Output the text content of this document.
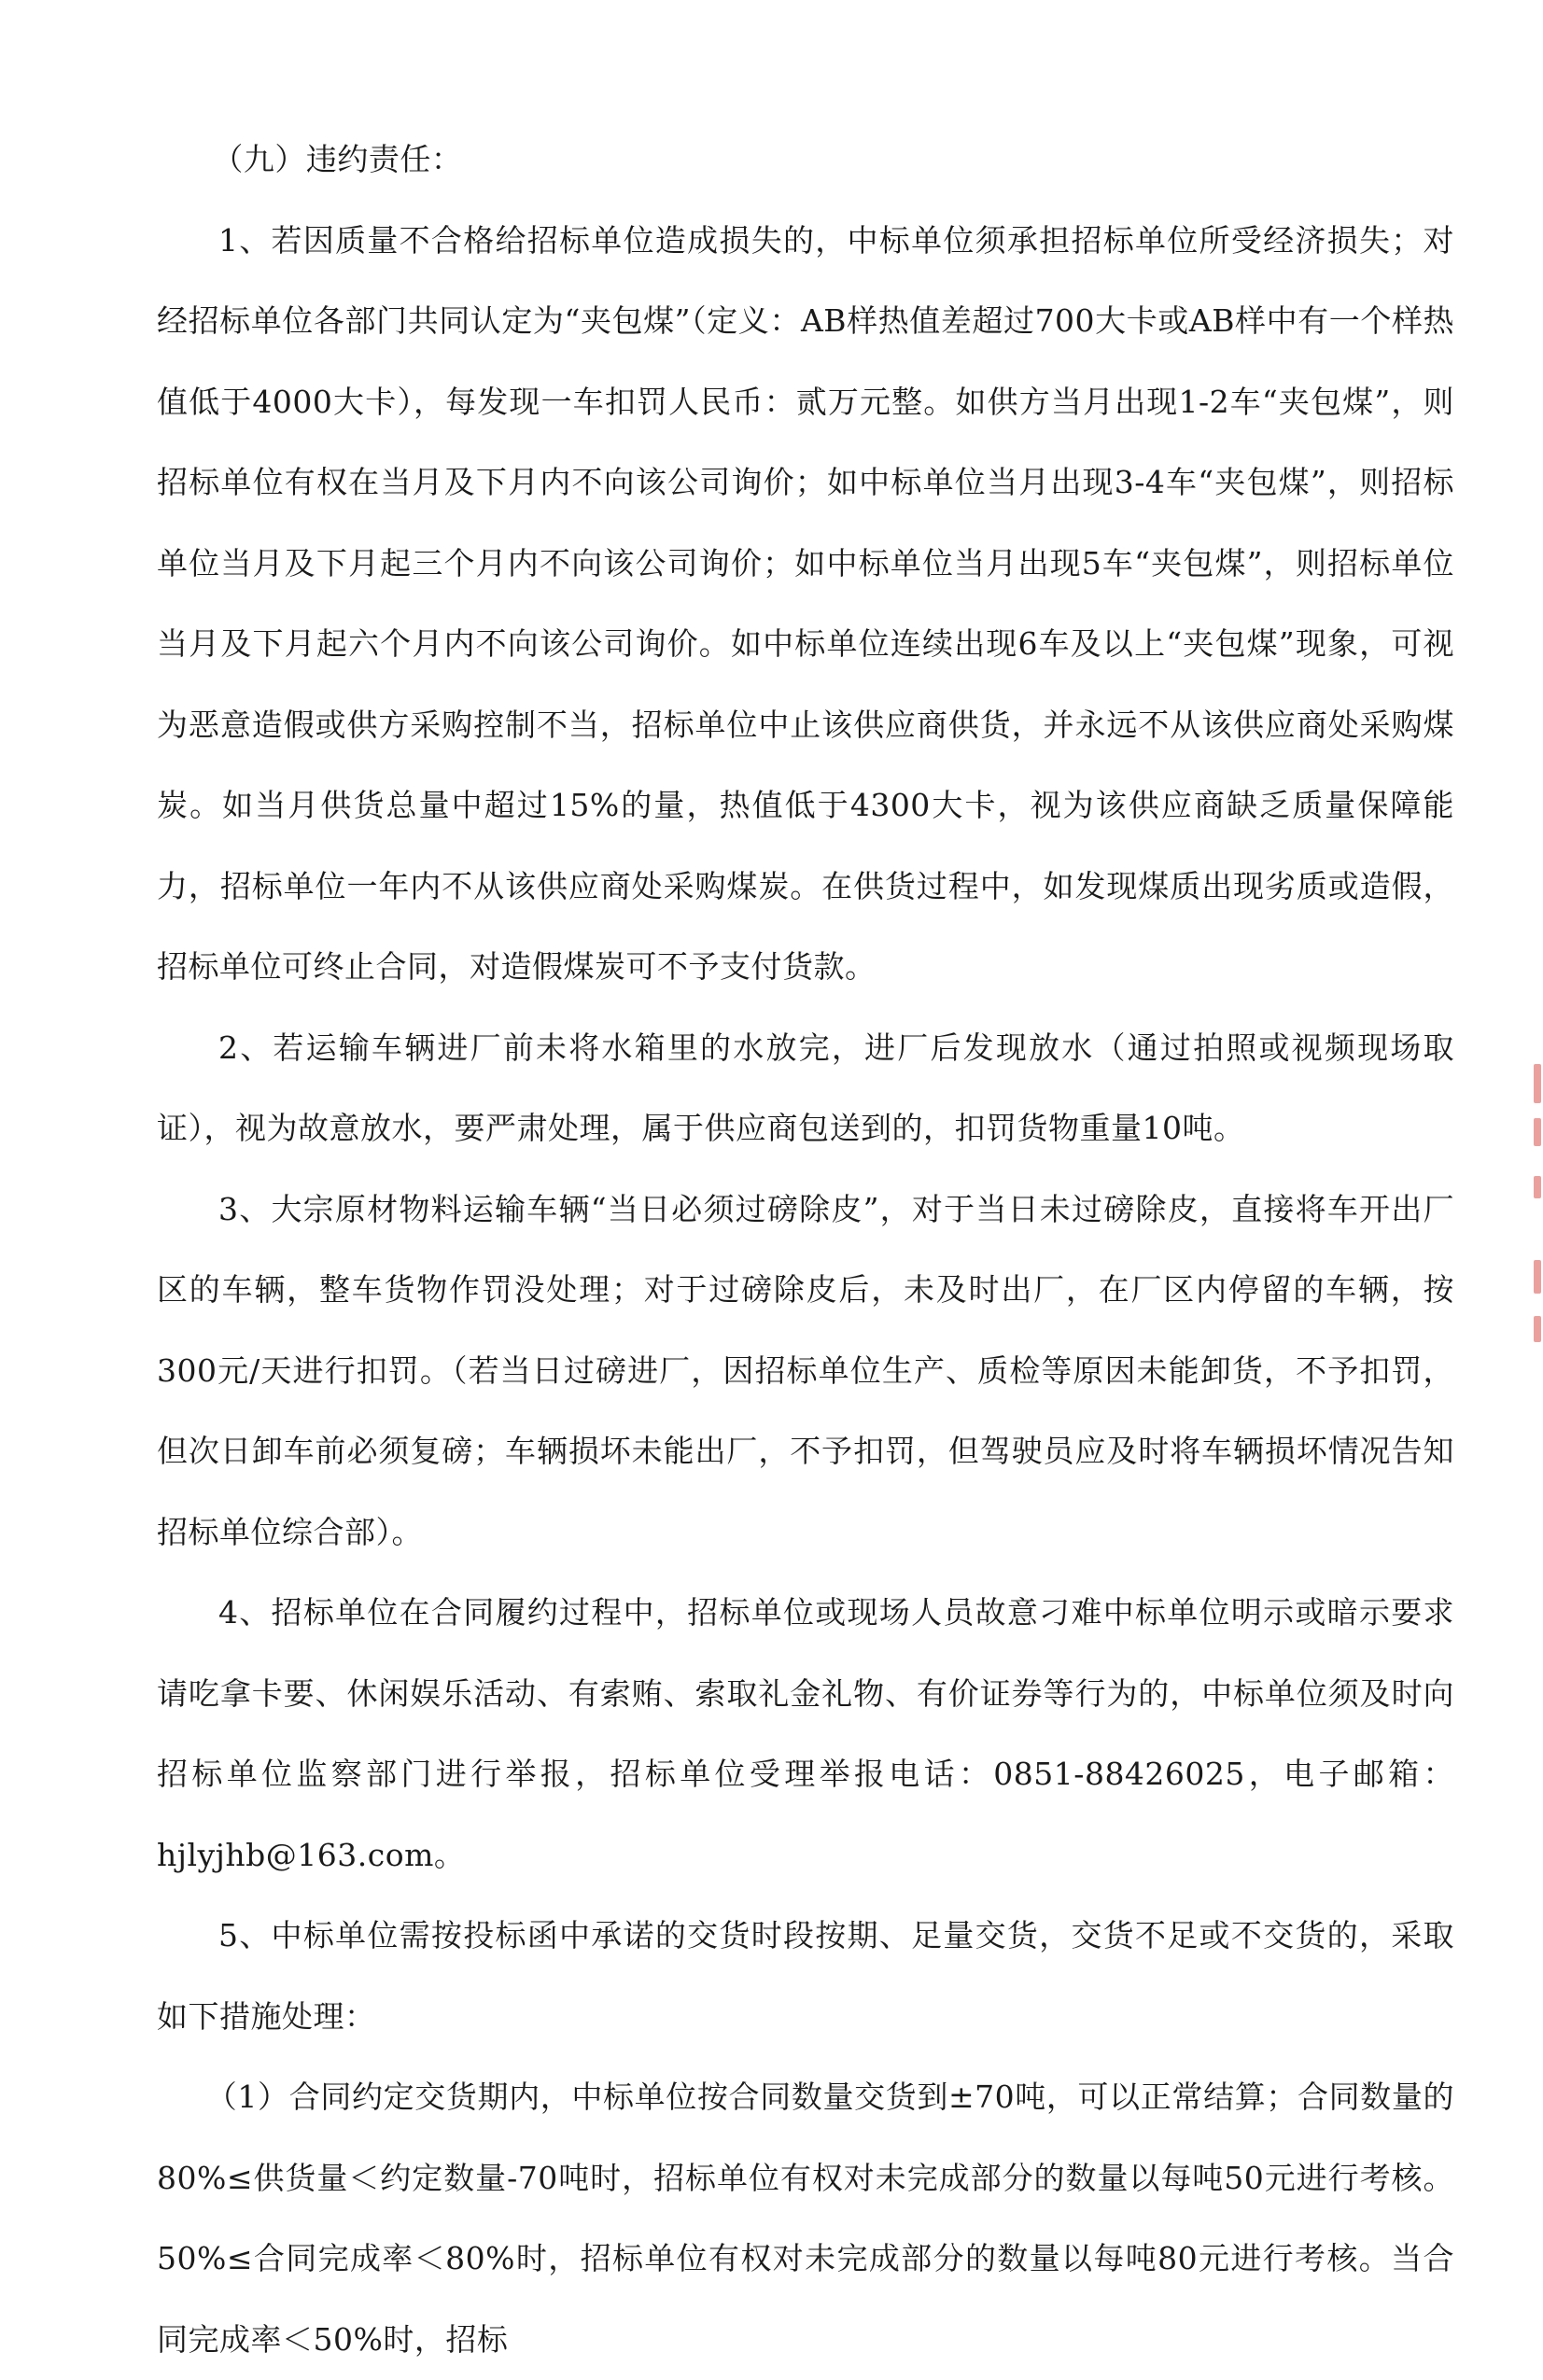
（九）违约责任：

1、若因质量不合格给招标单位造成损失的，中标单位须承担招标单位所受经济损失；对经招标单位各部门共同认定为“夹包煤”（定义：AB样热值差超过700大卡或AB样中有一个样热值低于4000大卡），每发现一车扣罚人民币：贰万元整。如供方当月出现1-2车“夹包煤”，则招标单位有权在当月及下月内不向该公司询价；如中标单位当月出现3-4车“夹包煤”，则招标单位当月及下月起三个月内不向该公司询价；如中标单位当月出现5车“夹包煤”，则招标单位当月及下月起六个月内不向该公司询价。如中标单位连续出现6车及以上“夹包煤”现象，可视为恶意造假或供方采购控制不当，招标单位中止该供应商供货，并永远不从该供应商处采购煤炭。如当月供货总量中超过15%的量，热值低于4300大卡，视为该供应商缺乏质量保障能力，招标单位一年内不从该供应商处采购煤炭。在供货过程中，如发现煤质出现劣质或造假，招标单位可终止合同，对造假煤炭可不予支付货款。

2、若运输车辆进厂前未将水箱里的水放完，进厂后发现放水（通过拍照或视频现场取证），视为故意放水，要严肃处理，属于供应商包送到的，扣罚货物重量10吨。

3、大宗原材物料运输车辆“当日必须过磅除皮”，对于当日未过磅除皮，直接将车开出厂区的车辆，整车货物作罚没处理；对于过磅除皮后，未及时出厂，在厂区内停留的车辆，按300元/天进行扣罚。（若当日过磅进厂，因招标单位生产、质检等原因未能卸货，不予扣罚，但次日卸车前必须复磅；车辆损坏未能出厂，不予扣罚，但驾驶员应及时将车辆损坏情况告知招标单位综合部）。

4、招标单位在合同履约过程中，招标单位或现场人员故意刁难中标单位明示或暗示要求请吃拿卡要、休闲娱乐活动、有索贿、索取礼金礼物、有价证券等行为的，中标单位须及时向招标单位监察部门进行举报，招标单位受理举报电话：0851-88426025，电子邮箱：hjlyjhb@163.com。

5、中标单位需按投标函中承诺的交货时段按期、足量交货，交货不足或不交货的，采取如下措施处理：

（1）合同约定交货期内，中标单位按合同数量交货到±70吨，可以正常结算；合同数量的80%≤供货量＜约定数量-70吨时，招标单位有权对未完成部分的数量以每吨50元进行考核。50%≤合同完成率＜80%时，招标单位有权对未完成部分的数量以每吨80元进行考核。当合同完成率＜50%时，招标
